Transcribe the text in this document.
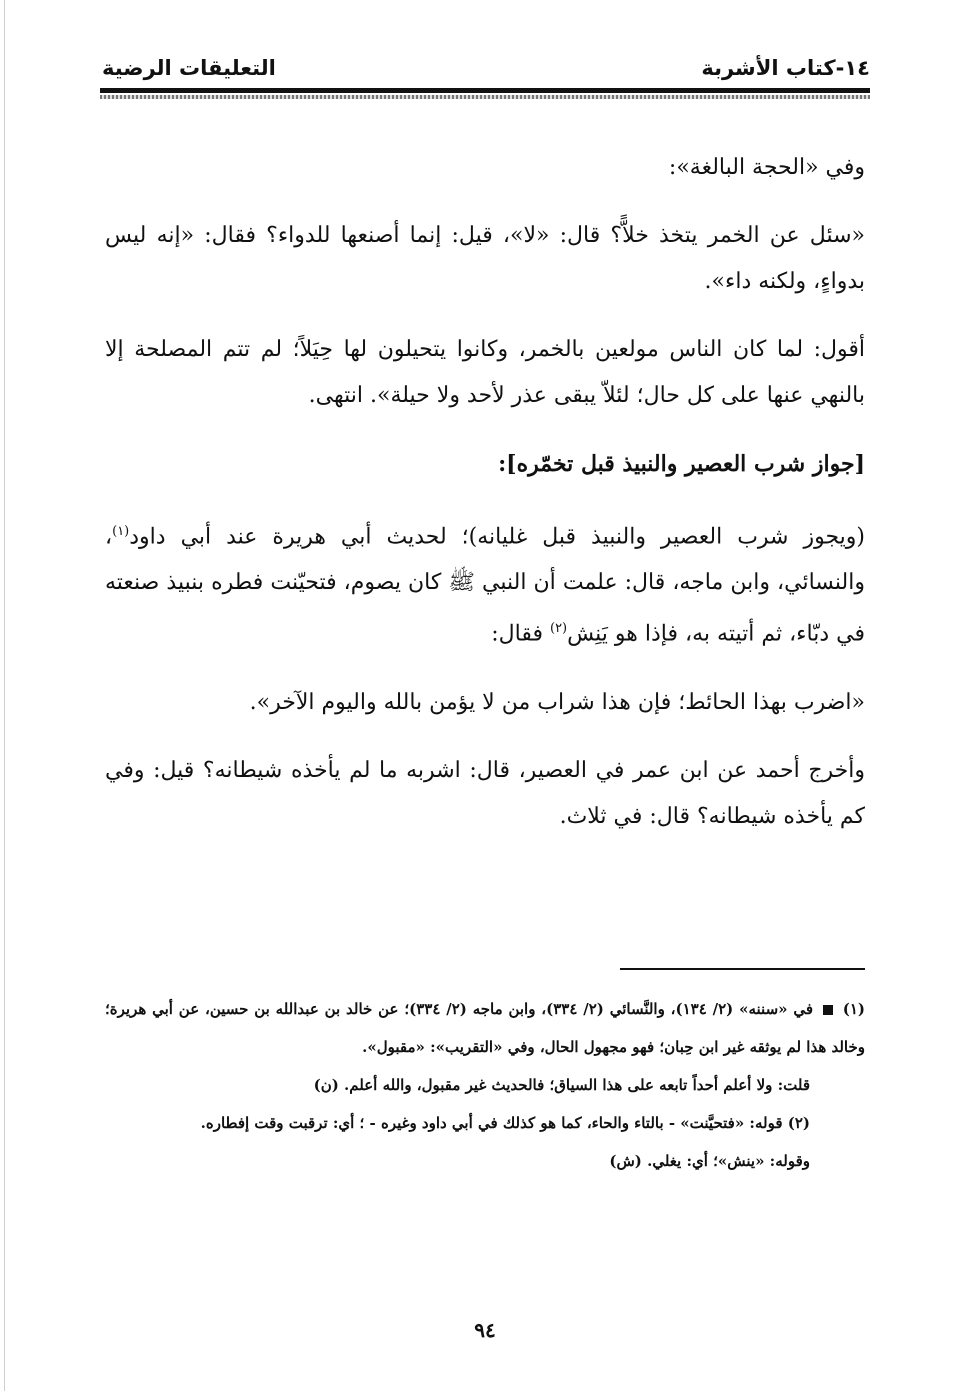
١٤-كتاب الأشربة
التعليقات الرضية

وفي «الحجة البالغة»:

«سئل عن الخمر يتخذ خلاًّ؟ قال: «لا»، قيل: إنما أصنعها للدواء؟ فقال: «إنه ليس بدواءٍ، ولكنه داء».

أقول: لما كان الناس مولعين بالخمر، وكانوا يتحيلون لها حِيَلاً؛ لم تتم المصلحة إلا بالنهي عنها على كل حال؛ لئلاّ يبقى عذر لأحد ولا حيلة». انتهى.

[جواز شرب العصير والنبيذ قبل تخمّره]:

(ويجوز شرب العصير والنبيذ قبل غليانه)؛ لحديث أبي هريرة عند أبي داود$^{(١)}$، والنسائي، وابن ماجه، قال: علمت أن النبي ﷺ كان يصوم، فتحيّنت فطره بنبيذ صنعته في دبّاء، ثم أتيته به، فإذا هو يَنِش$^{(٢)}$ فقال:

«اضرب بهذا الحائط؛ فإن هذا شراب من لا يؤمن بالله واليوم الآخر».

وأخرج أحمد عن ابن عمر في العصير، قال: اشربه ما لم يأخذه شيطانه؟ قيل: وفي كم يأخذه شيطانه؟ قال: في ثلاث.

(١)  في «سننه» (٢/ ١٣٤)، والنَّسائي (٢/ ٣٣٤)، وابن ماجه (٢/ ٣٣٤)؛ عن خالد بن عبدالله بن حسين، عن أبي هريرة؛ وخالد هذا لم يوثقه غير ابن حِبان؛ فهو مجهول الحال، وفي «التقريب»: «مقبول».

قلت: ولا أعلم أحداً تابعه على هذا السياق؛ فالحديث غير مقبول، والله أعلم. (ن)

(٢) قوله: «فتحيَّنت» - بالتاء والحاء، كما هو كذلك في أبي داود وغيره - ؛ أي: ترقبت وقت إفطاره.

وقوله: «ينش»؛ أي: يغلي. (ش)

٩٤
